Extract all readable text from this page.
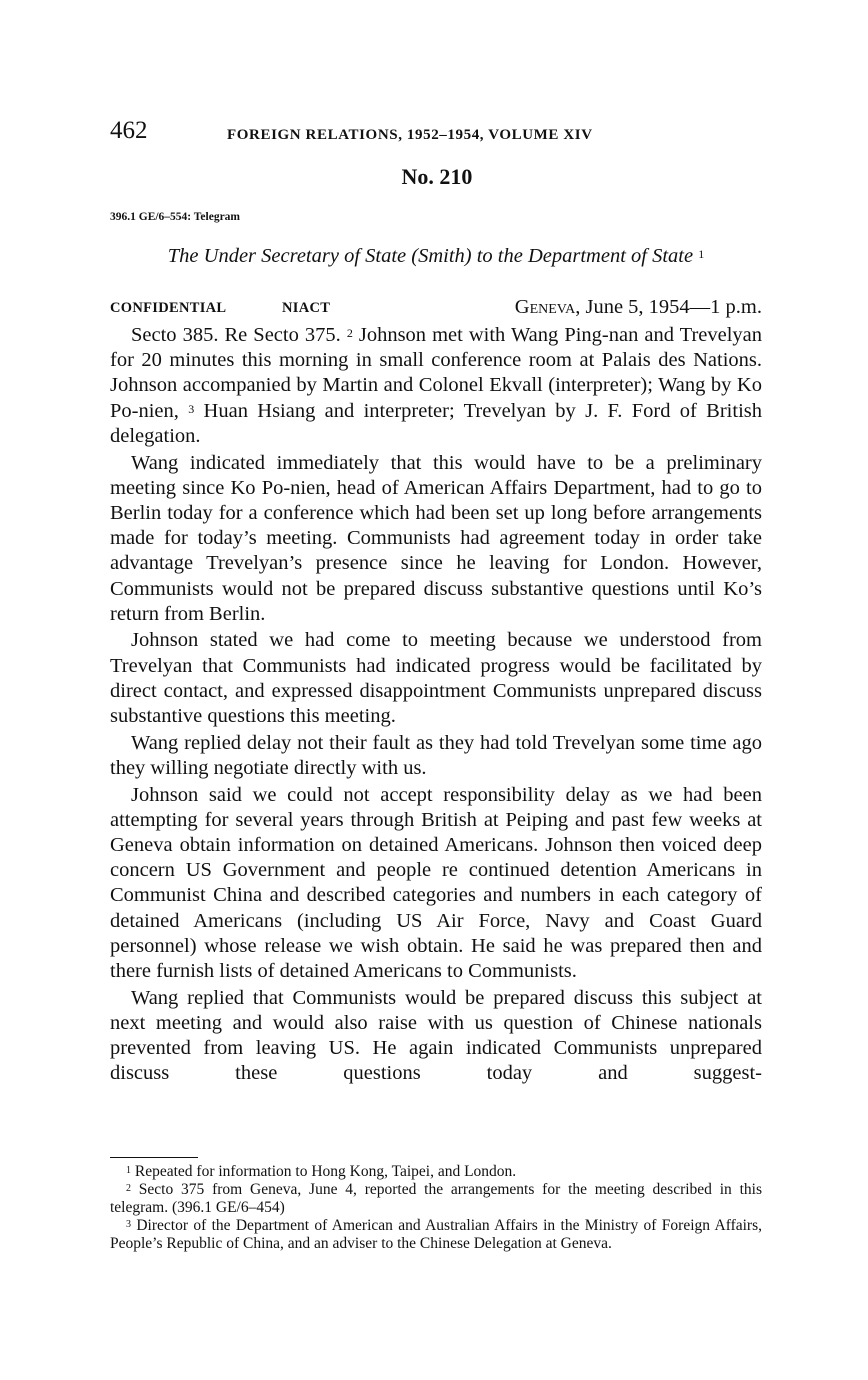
462	FOREIGN RELATIONS, 1952–1954, VOLUME XIV
No. 210
396.1 GE/6–554: Telegram
The Under Secretary of State (Smith) to the Department of State $^1$
CONFIDENTIAL	NIACT	Geneva, June 5, 1954—1 p.m.

Secto 385. Re Secto 375. $^2$ Johnson met with Wang Ping-nan and Trevelyan for 20 minutes this morning in small conference room at Palais des Nations. Johnson accompanied by Martin and Colonel Ekvall (interpreter); Wang by Ko Po-nien, $^3$ Huan Hsiang and interpreter; Trevelyan by J. F. Ford of British delegation.

Wang indicated immediately that this would have to be a preliminary meeting since Ko Po-nien, head of American Affairs Department, had to go to Berlin today for a conference which had been set up long before arrangements made for today’s meeting. Communists had agreement today in order take advantage Trevelyan’s presence since he leaving for London. However, Communists would not be prepared discuss substantive questions until Ko’s return from Berlin.

Johnson stated we had come to meeting because we understood from Trevelyan that Communists had indicated progress would be facilitated by direct contact, and expressed disappointment Communists unprepared discuss substantive questions this meeting.

Wang replied delay not their fault as they had told Trevelyan some time ago they willing negotiate directly with us.

Johnson said we could not accept responsibility delay as we had been attempting for several years through British at Peiping and past few weeks at Geneva obtain information on detained Americans. Johnson then voiced deep concern US Government and people re continued detention Americans in Communist China and described categories and numbers in each category of detained Americans (including US Air Force, Navy and Coast Guard personnel) whose release we wish obtain. He said he was prepared then and there furnish lists of detained Americans to Communists.

Wang replied that Communists would be prepared discuss this subject at next meeting and would also raise with us question of Chinese nationals prevented from leaving US. He again indicated Communists unprepared discuss these questions today and suggest-

$^1$ Repeated for information to Hong Kong, Taipei, and London.

$^2$ Secto 375 from Geneva, June 4, reported the arrangements for the meeting described in this telegram. (396.1 GE/6–454)

$^3$ Director of the Department of American and Australian Affairs in the Ministry of Foreign Affairs, People’s Republic of China, and an adviser to the Chinese Delegation at Geneva.
